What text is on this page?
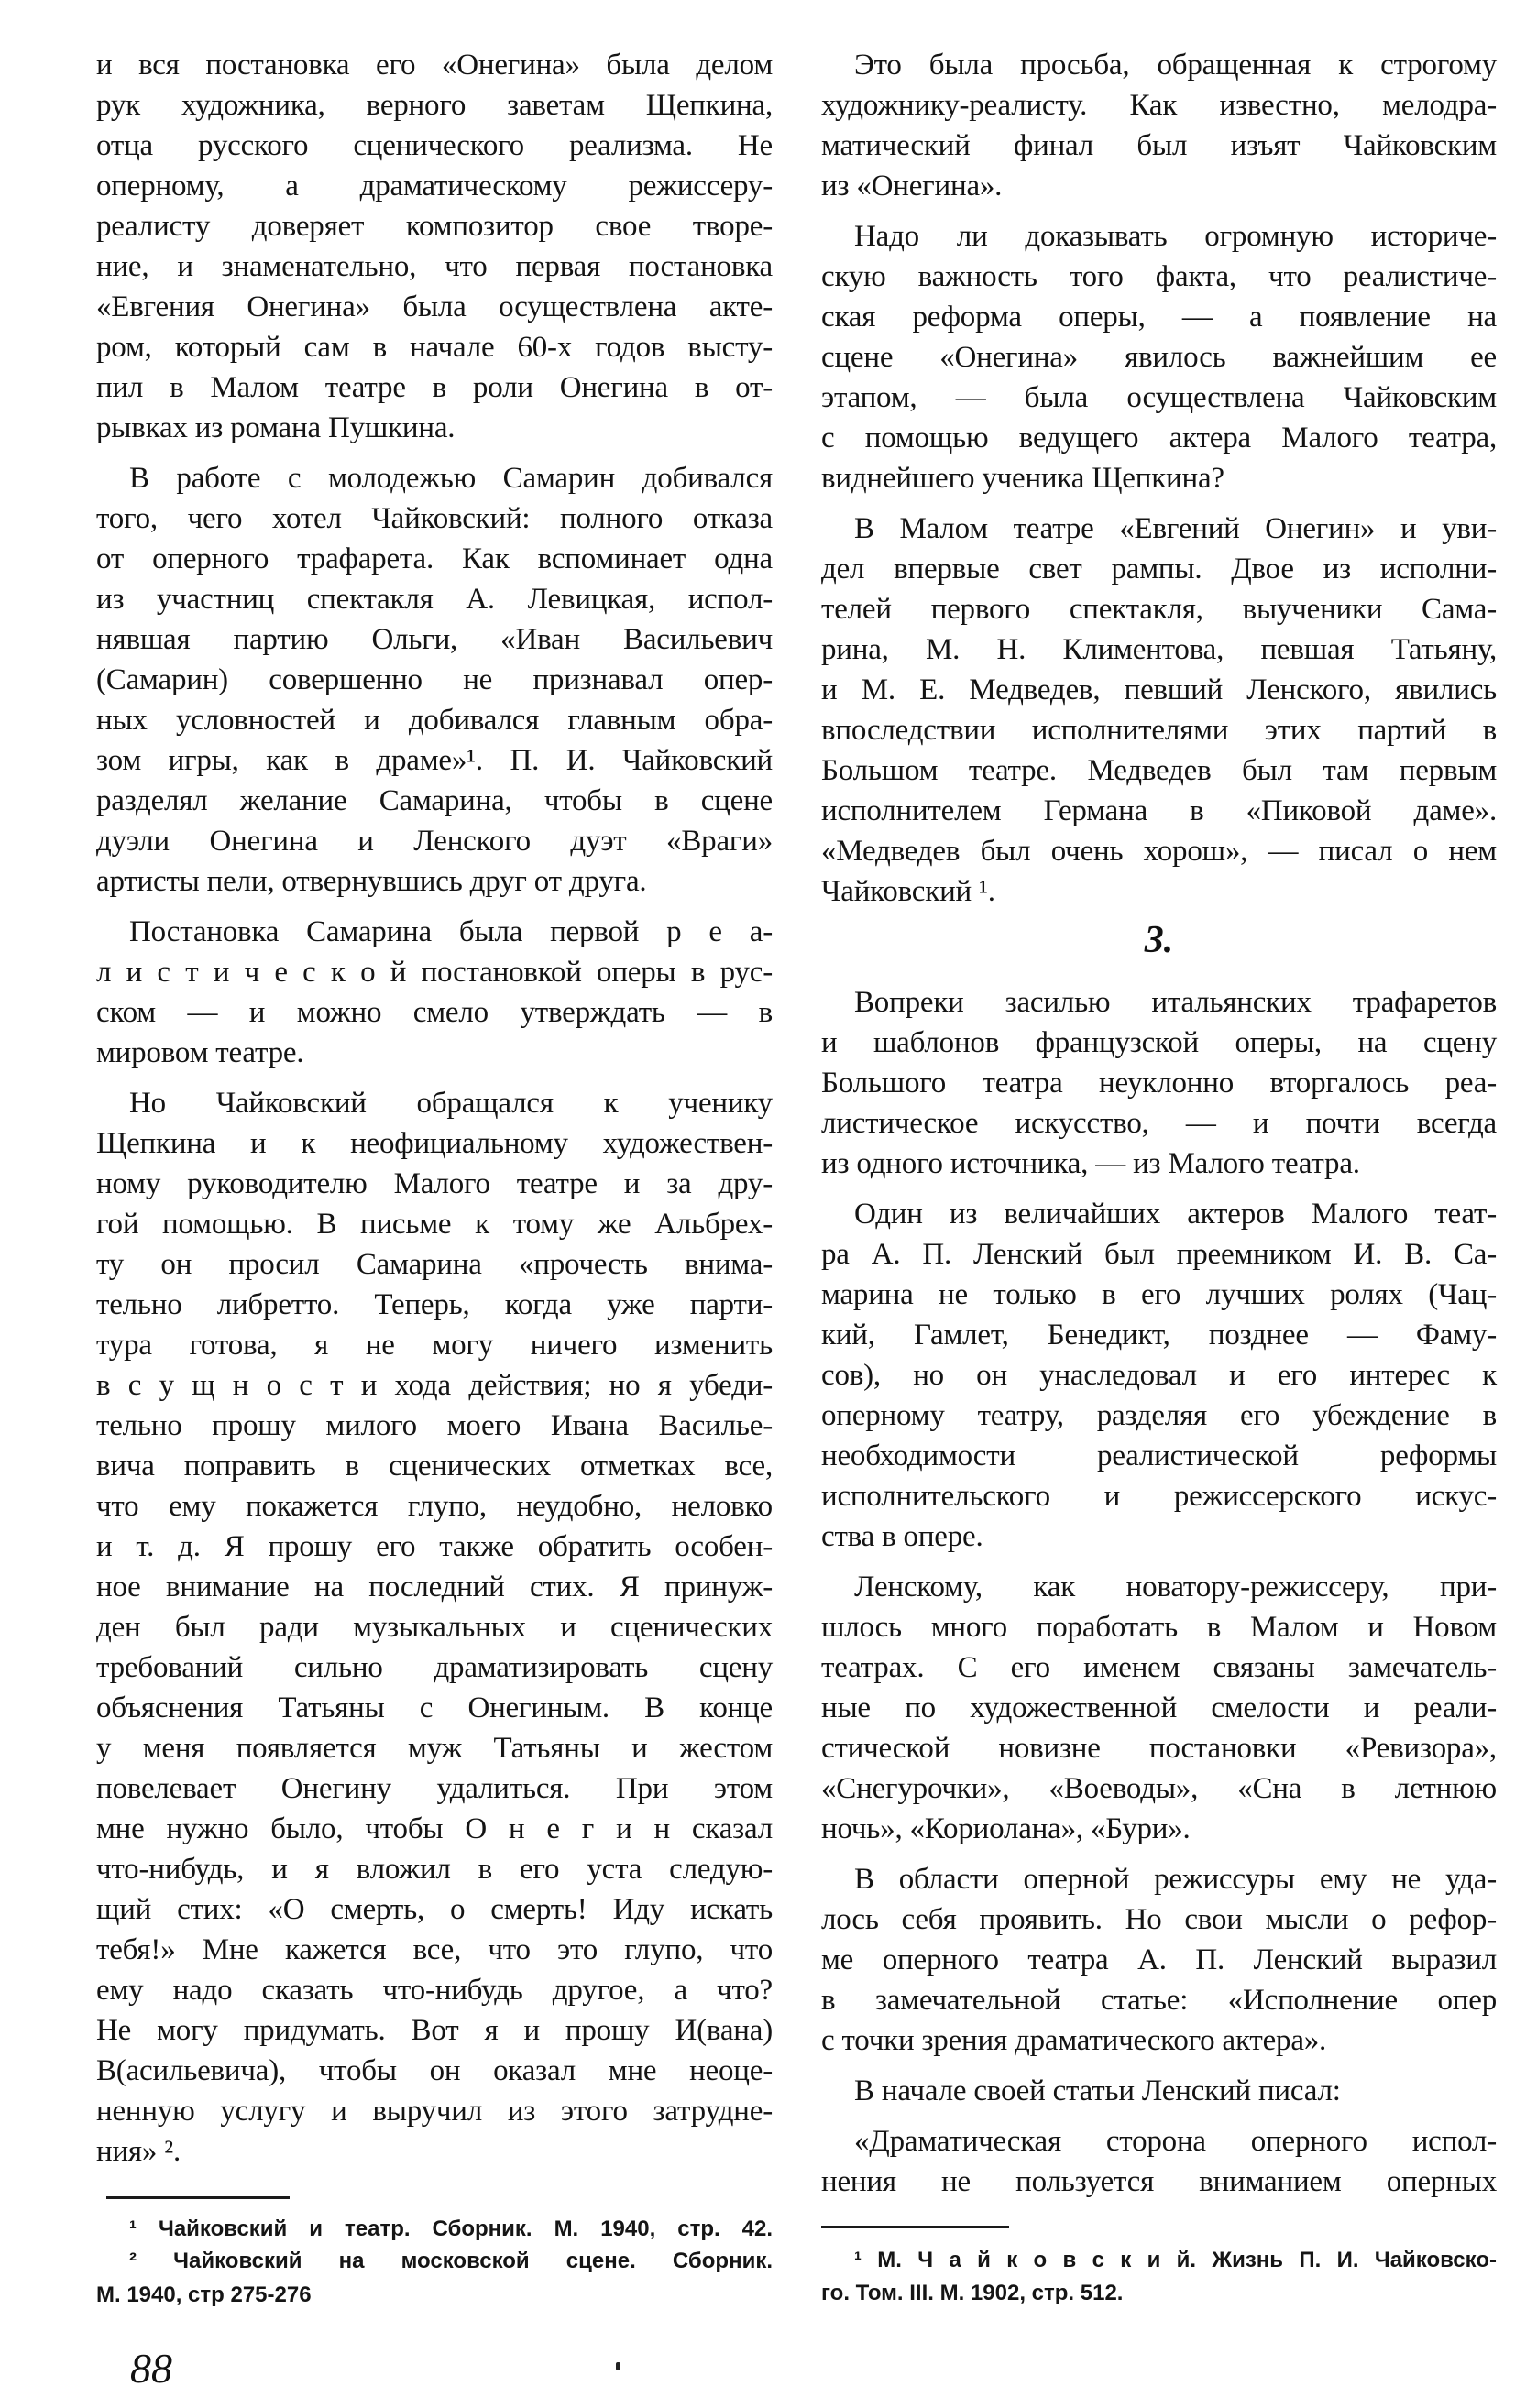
и вся постановка его «Онегина» была делом
рук художника, верного заветам Щепкина,
отца русского сценического реализма. Не
оперному, а драматическому режиссеру-
реалисту доверяет композитор свое творе-
ние, и знаменательно, что первая постановка
«Евгения Онегина» была осуществлена акте-
ром, который сам в начале 60-х годов высту-
пил в Малом театре в роли Онегина в от-
рывках из романа Пушкина.
В работе с молодежью Самарин добивался
того, чего хотел Чайковский: полного отказа
от оперного трафарета. Как вспоминает одна
из участниц спектакля А. Левицкая, испол-
нявшая партию Ольги, «Иван Васильевич
(Самарин) совершенно не признавал опер-
ных условностей и добивался главным обра-
зом игры, как в драме»¹. П. И. Чайковский
разделял желание Самарина, чтобы в сцене
дуэли Онегина и Ленского дуэт «Враги»
артисты пели, отвернувшись друг от друга.
Постановка Самарина была первой р е а-
л и с т и ч е с к о й постановкой оперы в рус-
ском — и можно смело утверждать — в
мировом театре.
Но Чайковский обращался к ученику
Щепкина и к неофициальному художествен-
ному руководителю Малого театре и за дру-
гой помощью. В письме к тому же Альбрех-
ту он просил Самарина «прочесть внима-
тельно либретто. Теперь, когда уже парти-
тура готова, я не могу ничего изменить
в с у щ н о с т и хода действия; но я убеди-
тельно прошу милого моего Ивана Василье-
вича поправить в сценических отметках все,
что ему покажется глупо, неудобно, неловко
и т. д. Я прошу его также обратить особен-
ное внимание на последний стих. Я принуж-
ден был ради музыкальных и сценических
требований сильно драматизировать сцену
объяснения Татьяны с Онегиным. В конце
у меня появляется муж Татьяны и жестом
повелевает Онегину удалиться. При этом
мне нужно было, чтобы О н е г и н сказал
что-нибудь, и я вложил в его уста следую-
щий стих: «О смерть, о смерть! Иду искать
тебя!» Мне кажется все, что это глупо, что
ему надо сказать что-нибудь другое, а что?
Не могу придумать. Вот я и прошу И(вана)
В(асильевича), чтобы он оказал мне неоце-
ненную услугу и выручил из этого затрудне-
ния» ².
¹ Чайковский и театр. Сборник. М. 1940, стр. 42.
² Чайковский на московской сцене. Сборник.
М. 1940, стр 275-276
Это была просьба, обращенная к строгому
художнику-реалисту. Как известно, мелодра-
матический финал был изъят Чайковским
из «Онегина».
Надо ли доказывать огромную историче-
скую важность того факта, что реалистиче-
ская реформа оперы, — а появление на
сцене «Онегина» явилось важнейшим ее
этапом, — была осуществлена Чайковским
с помощью ведущего актера Малого театра,
виднейшего ученика Щепкина?
В Малом театре «Евгений Онегин» и уви-
дел впервые свет рампы. Двое из исполни-
телей первого спектакля, выученики Сама-
рина, М. Н. Климентова, певшая Татьяну,
и М. Е. Медведев, певший Ленского, явились
впоследствии исполнителями этих партий в
Большом театре. Медведев был там первым
исполнителем Германа в «Пиковой даме».
«Медведев был очень хорош», — писал о нем
Чайковский ¹.
3.
Вопреки засилью итальянских трафаретов
и шаблонов французской оперы, на сцену
Большого театра неуклонно вторгалось реа-
листическое искусство, — и почти всегда
из одного источника, — из Малого театра.
Один из величайших актеров Малого теат-
ра А. П. Ленский был преемником И. В. Са-
марина не только в его лучших ролях (Чац-
кий, Гамлет, Бенедикт, позднее — Фаму-
сов), но он унаследовал и его интерес к
оперному театру, разделяя его убеждение в
необходимости реалистической реформы
исполнительского и режиссерского искус-
ства в опере.
Ленскому, как новатору-режиссеру, при-
шлось много поработать в Малом и Новом
театрах. С его именем связаны замечатель-
ные по художественной смелости и реали-
стической новизне постановки «Ревизора»,
«Снегурочки», «Воеводы», «Сна в летнюю
ночь», «Кориолана», «Бури».
В области оперной режиссуры ему не уда-
лось себя проявить. Но свои мысли о рефор-
ме оперного театра А. П. Ленский выразил
в замечательной статье: «Исполнение опер
с точки зрения драматического актера».
В начале своей статьи Ленский писал:
«Драматическая сторона оперного испол-
нения не пользуется вниманием оперных
¹ М. Ч а й к о в с к и й. Жизнь П. И. Чайковско-
го. Том. III. М. 1902, стр. 512.
88
